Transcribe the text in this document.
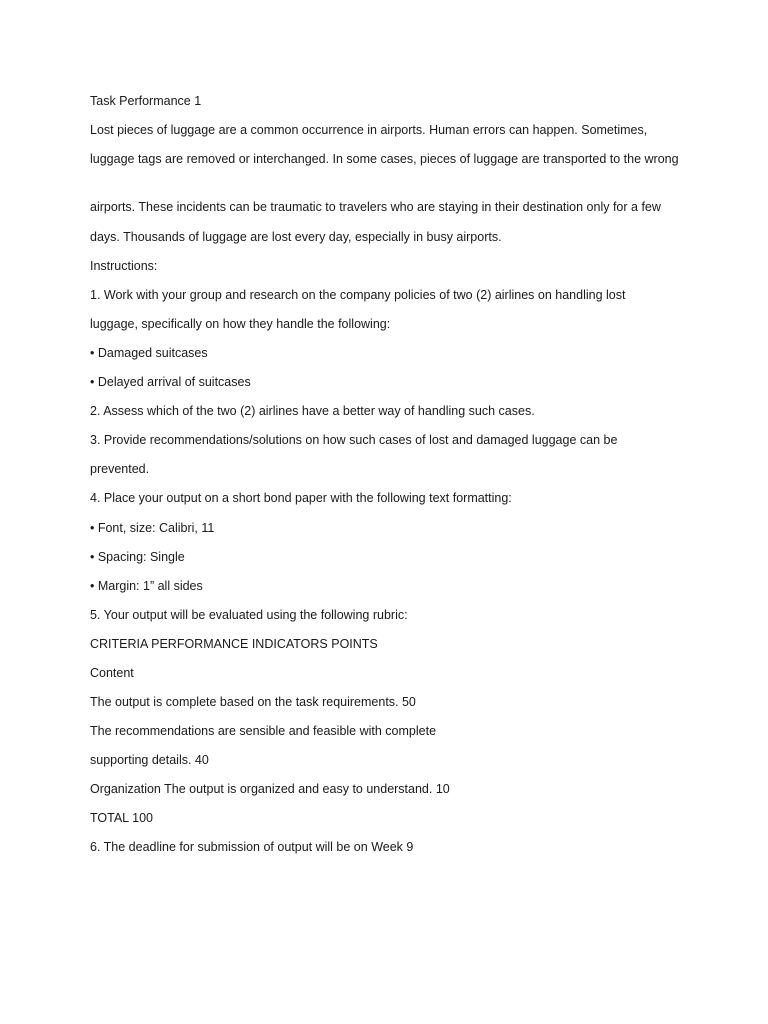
Task Performance 1
Lost pieces of luggage are a common occurrence in airports. Human errors can happen. Sometimes,
luggage tags are removed or interchanged. In some cases, pieces of luggage are transported to the wrong
airports. These incidents can be traumatic to travelers who are staying in their destination only for a few
days. Thousands of luggage are lost every day, especially in busy airports.
Instructions:
1. Work with your group and research on the company policies of two (2) airlines on handling lost
luggage, specifically on how they handle the following:
• Damaged suitcases
• Delayed arrival of suitcases
2. Assess which of the two (2) airlines have a better way of handling such cases.
3. Provide recommendations/solutions on how such cases of lost and damaged luggage can be
prevented.
4. Place your output on a short bond paper with the following text formatting:
• Font, size: Calibri, 11
• Spacing: Single
• Margin: 1” all sides
5. Your output will be evaluated using the following rubric:
CRITERIA PERFORMANCE INDICATORS POINTS
Content
The output is complete based on the task requirements. 50
The recommendations are sensible and feasible with complete
supporting details. 40
Organization The output is organized and easy to understand. 10
TOTAL 100
6. The deadline for submission of output will be on Week 9
